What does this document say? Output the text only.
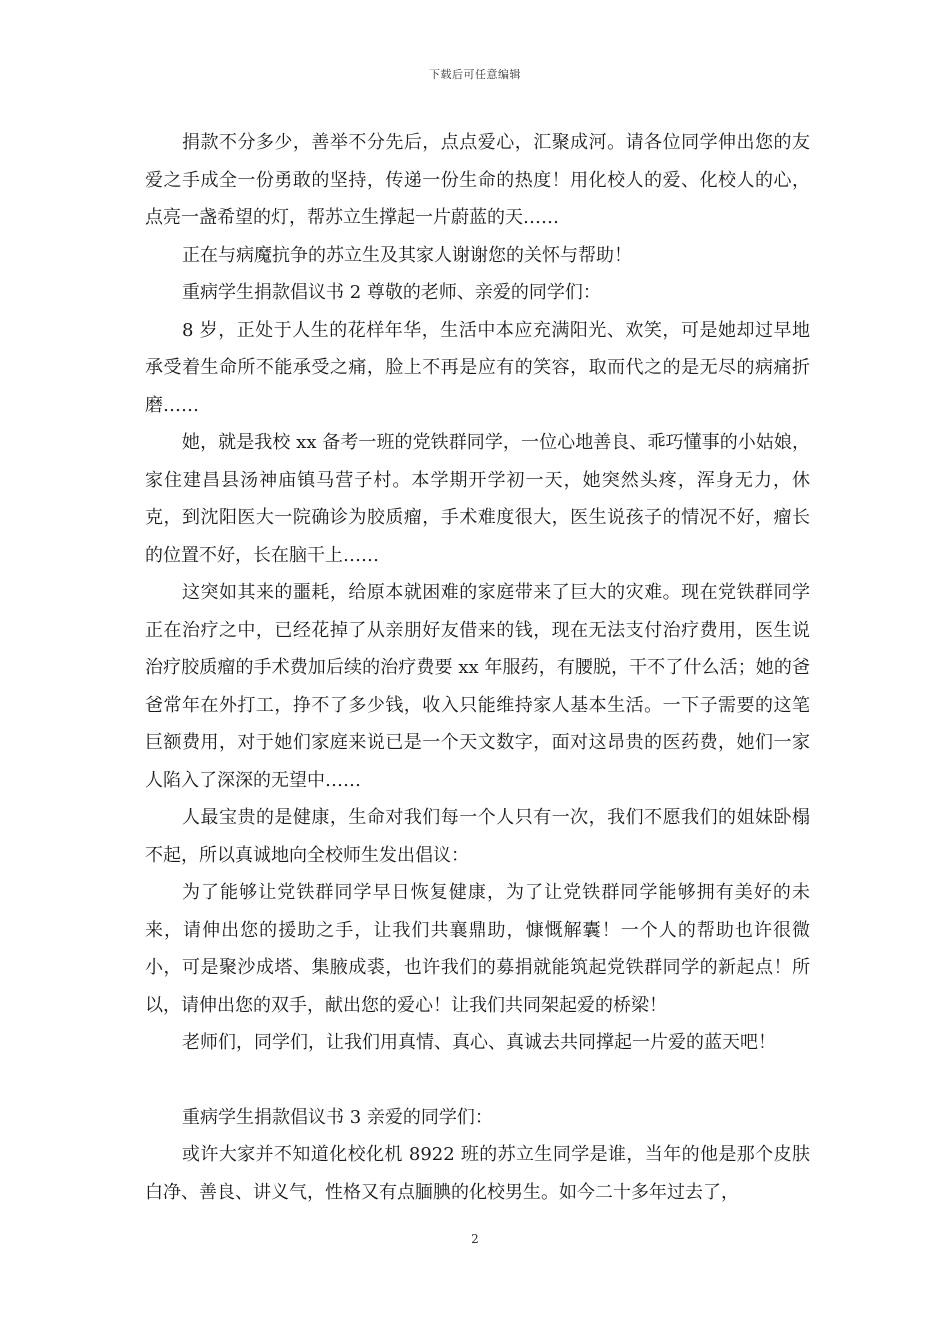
下载后可任意编辑

捐款不分多少，善举不分先后，点点爱心，汇聚成河。请各位同学伸出您的友爱之手成全一份勇敢的坚持，传递一份生命的热度！用化校人的爱、化校人的心，点亮一盏希望的灯，帮苏立生撑起一片蔚蓝的天……

正在与病魔抗争的苏立生及其家人谢谢您的关怀与帮助！

重病学生捐款倡议书 2 尊敬的老师、亲爱的同学们：

8 岁，正处于人生的花样年华，生活中本应充满阳光、欢笑，可是她却过早地承受着生命所不能承受之痛，脸上不再是应有的笑容，取而代之的是无尽的病痛折磨……

她，就是我校 xx 备考一班的党铁群同学，一位心地善良、乖巧懂事的小姑娘，家住建昌县汤神庙镇马营子村。本学期开学初一天，她突然头疼，浑身无力，休克，到沈阳医大一院确诊为胶质瘤，手术难度很大，医生说孩子的情况不好，瘤长的位置不好，长在脑干上……

这突如其来的噩耗，给原本就困难的家庭带来了巨大的灾难。现在党铁群同学正在治疗之中，已经花掉了从亲朋好友借来的钱，现在无法支付治疗费用，医生说治疗胶质瘤的手术费加后续的治疗费要 xx 年服药，有腰脱，干不了什么活；她的爸爸常年在外打工，挣不了多少钱，收入只能维持家人基本生活。一下子需要的这笔巨额费用，对于她们家庭来说已是一个天文数字，面对这昂贵的医药费，她们一家人陷入了深深的无望中……

人最宝贵的是健康，生命对我们每一个人只有一次，我们不愿我们的姐妹卧榻不起，所以真诚地向全校师生发出倡议：

为了能够让党铁群同学早日恢复健康，为了让党铁群同学能够拥有美好的未来，请伸出您的援助之手，让我们共襄鼎助，慷慨解囊！一个人的帮助也许很微小，可是聚沙成塔、集腋成裘，也许我们的募捐就能筑起党铁群同学的新起点！所以，请伸出您的双手，献出您的爱心！让我们共同架起爱的桥梁！

老师们，同学们，让我们用真情、真心、真诚去共同撑起一片爱的蓝天吧！

重病学生捐款倡议书 3 亲爱的同学们：

或许大家并不知道化校化机 8922 班的苏立生同学是谁，当年的他是那个皮肤白净、善良、讲义气，性格又有点腼腆的化校男生。如今二十多年过去了，

2
